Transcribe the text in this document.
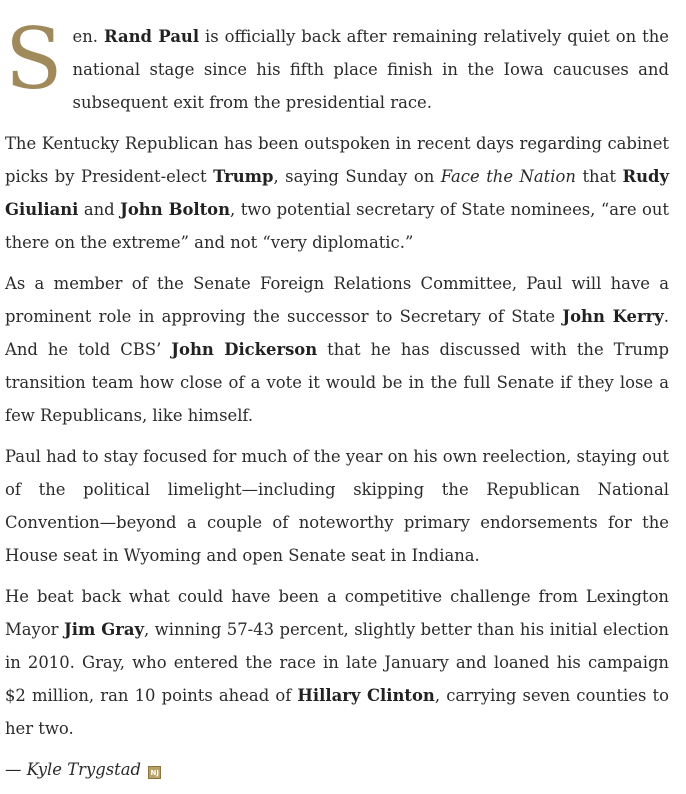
Sen. Rand Paul is officially back after remaining relatively quiet on the national stage since his fifth place finish in the Iowa caucuses and subsequent exit from the presidential race.

The Kentucky Republican has been outspoken in recent days regarding cabinet picks by President-elect Trump, saying Sunday on Face the Nation that Rudy Giuliani and John Bolton, two potential secretary of State nominees, “are out there on the extreme” and not “very diplomatic.”

As a member of the Senate Foreign Relations Committee, Paul will have a prominent role in approving the successor to Secretary of State John Kerry. And he told CBS’ John Dickerson that he has discussed with the Trump transition team how close of a vote it would be in the full Senate if they lose a few Republicans, like himself.

Paul had to stay focused for much of the year on his own reelection, staying out of the political limelight—including skipping the Republican National Convention—beyond a couple of noteworthy primary endorsements for the House seat in Wyoming and open Senate seat in Indiana.

He beat back what could have been a competitive challenge from Lexington Mayor Jim Gray, winning 57-43 percent, slightly better than his initial election in 2010. Gray, who entered the race in late January and loaned his campaign $2 million, ran 10 points ahead of Hillary Clinton, carrying seven counties to her two.

— Kyle Trygstad NJ
